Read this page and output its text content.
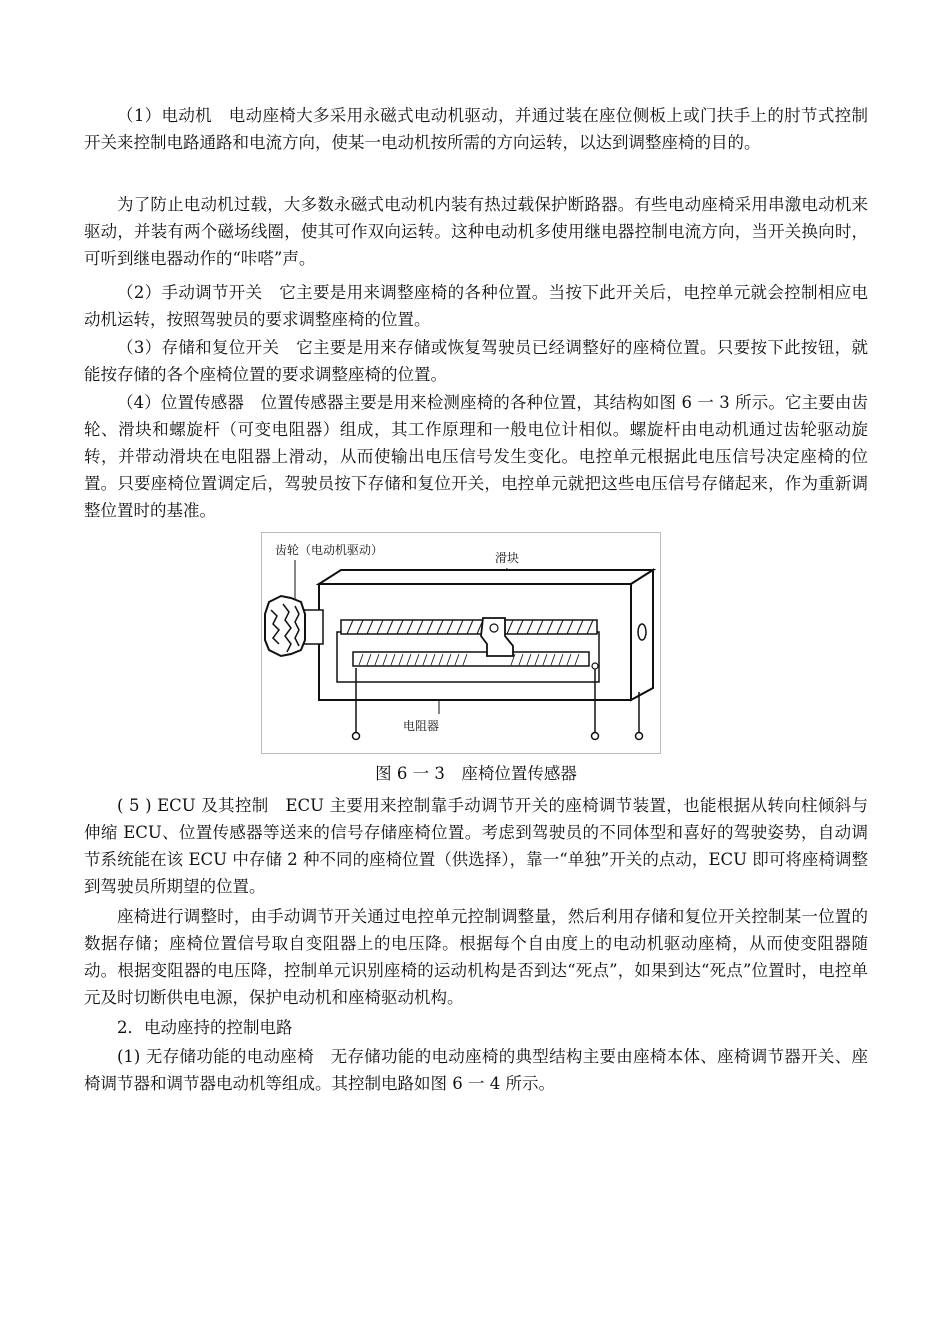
（1）电动机　电动座椅大多采用永磁式电动机驱动，并通过装在座位侧板上或门扶手上的肘节式控制开关来控制电路通路和电流方向，使某一电动机按所需的方向运转，以达到调整座椅的目的。

为了防止电动机过载，大多数永磁式电动机内装有热过载保护断路器。有些电动座椅采用串激电动机来驱动，并装有两个磁场线圈，使其可作双向运转。这种电动机多使用继电器控制电流方向，当开关换向时，可听到继电器动作的“咔嗒”声。

（2）手动调节开关　它主要是用来调整座椅的各种位置。当按下此开关后，电控单元就会控制相应电动机运转，按照驾驶员的要求调整座椅的位置。

（3）存储和复位开关　它主要是用来存储或恢复驾驶员已经调整好的座椅位置。只要按下此按钮，就能按存储的各个座椅位置的要求调整座椅的位置。

（4）位置传感器　位置传感器主要是用来检测座椅的各种位置，其结构如图 6 一 3 所示。它主要由齿轮、滑块和螺旋杆（可变电阻器）组成，其工作原理和一般电位计相似。螺旋杆由电动机通过齿轮驱动旋转，并带动滑块在电阻器上滑动，从而使输出电压信号发生变化。电控单元根据此电压信号决定座椅的位置。只要座椅位置调定后，驾驶员按下存储和复位开关，电控单元就把这些电压信号存储起来，作为重新调整位置时的基准。

齿轮（电动机驱动）
滑块
电阻器
图 6 一 3　座椅位置传感器

( 5 ) ECU 及其控制　ECU 主要用来控制靠手动调节开关的座椅调节装置，也能根据从转向柱倾斜与伸缩 ECU、位置传感器等送来的信号存储座椅位置。考虑到驾驶员的不同体型和喜好的驾驶姿势，自动调节系统能在该 ECU 中存储 2 种不同的座椅位置（供选择），靠一“单独”开关的点动，ECU 即可将座椅调整到驾驶员所期望的位置。

座椅进行调整时，由手动调节开关通过电控单元控制调整量，然后利用存储和复位开关控制某一位置的数据存储；座椅位置信号取自变阻器上的电压降。根据每个自由度上的电动机驱动座椅，从而使变阻器随动。根据变阻器的电压降，控制单元识别座椅的运动机构是否到达“死点”，如果到达“死点”位置时，电控单元及时切断供电电源，保护电动机和座椅驱动机构。

2．电动座持的控制电路

(1) 无存储功能的电动座椅　无存储功能的电动座椅的典型结构主要由座椅本体、座椅调节器开关、座椅调节器和调节器电动机等组成。其控制电路如图 6 一 4 所示。
